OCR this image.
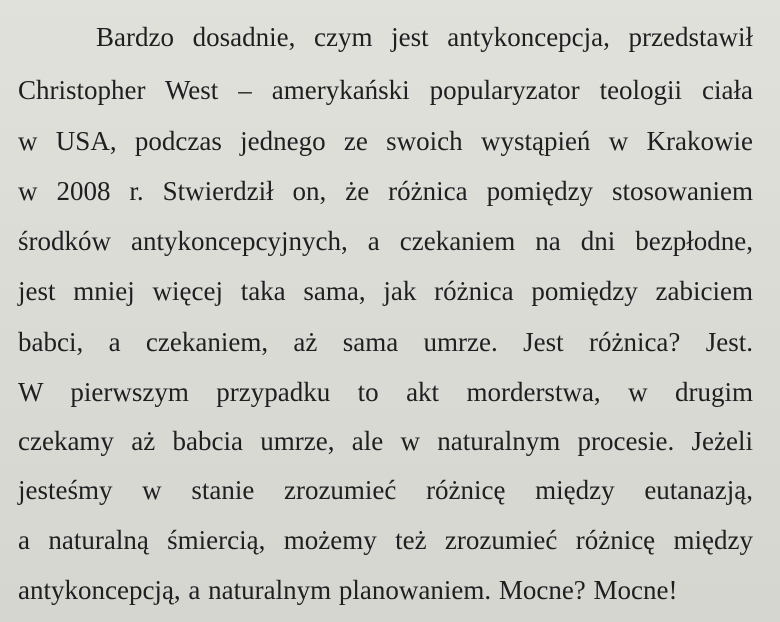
Bardzo dosadnie, czym jest antykoncepcja, przedstawił
Christopher West – amerykański popularyzator teologii ciała
w USA, podczas jednego ze swoich wystąpień w Krakowie
w 2008 r. Stwierdził on, że różnica pomiędzy stosowaniem
środków antykoncepcyjnych, a czekaniem na dni bezpłodne,
jest mniej więcej taka sama, jak różnica pomiędzy zabiciem
babci, a czekaniem, aż sama umrze. Jest różnica? Jest.
W pierwszym przypadku to akt morderstwa, w drugim
czekamy aż babcia umrze, ale w naturalnym procesie. Jeżeli
jesteśmy w stanie zrozumieć różnicę między eutanazją,
a naturalną śmiercią, możemy też zrozumieć różnicę między
antykoncepcją, a naturalnym planowaniem. Mocne? Mocne!
